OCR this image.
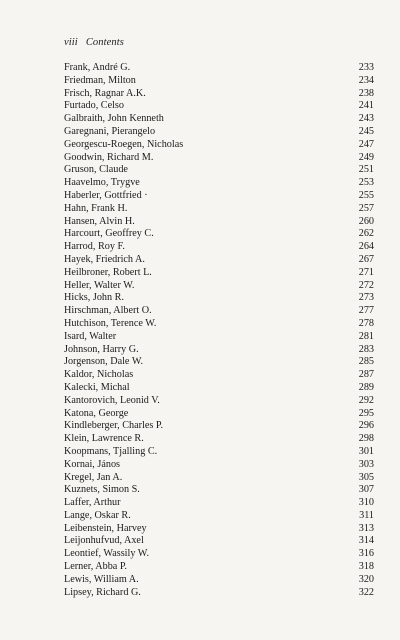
viii Contents
Frank, André G.	233
Friedman, Milton	234
Frisch, Ragnar A.K.	238
Furtado, Celso	241
Galbraith, John Kenneth	243
Garegnani, Pierangelo	245
Georgescu-Roegen, Nicholas	247
Goodwin, Richard M.	249
Gruson, Claude	251
Haavelmo, Trygve	253
Haberler, Gottfried ·	255
Hahn, Frank H.	257
Hansen, Alvin H.	260
Harcourt, Geoffrey C.	262
Harrod, Roy F.	264
Hayek, Friedrich A.	267
Heilbroner, Robert L.	271
Heller, Walter W.	272
Hicks, John R.	273
Hirschman, Albert O.	277
Hutchison, Terence W.	278
Isard, Walter	281
Johnson, Harry G.	283
Jorgenson, Dale W.	285
Kaldor, Nicholas	287
Kalecki, Michal	289
Kantorovich, Leonid V.	292
Katona, George	295
Kindleberger, Charles P.	296
Klein, Lawrence R.	298
Koopmans, Tjalling C.	301
Kornai, János	303
Kregel, Jan A.	305
Kuznets, Simon S.	307
Laffer, Arthur	310
Lange, Oskar R.	311
Leibenstein, Harvey	313
Leijonhufvud, Axel	314
Leontief, Wassily W.	316
Lerner, Abba P.	318
Lewis, William A.	320
Lipsey, Richard G.	322
